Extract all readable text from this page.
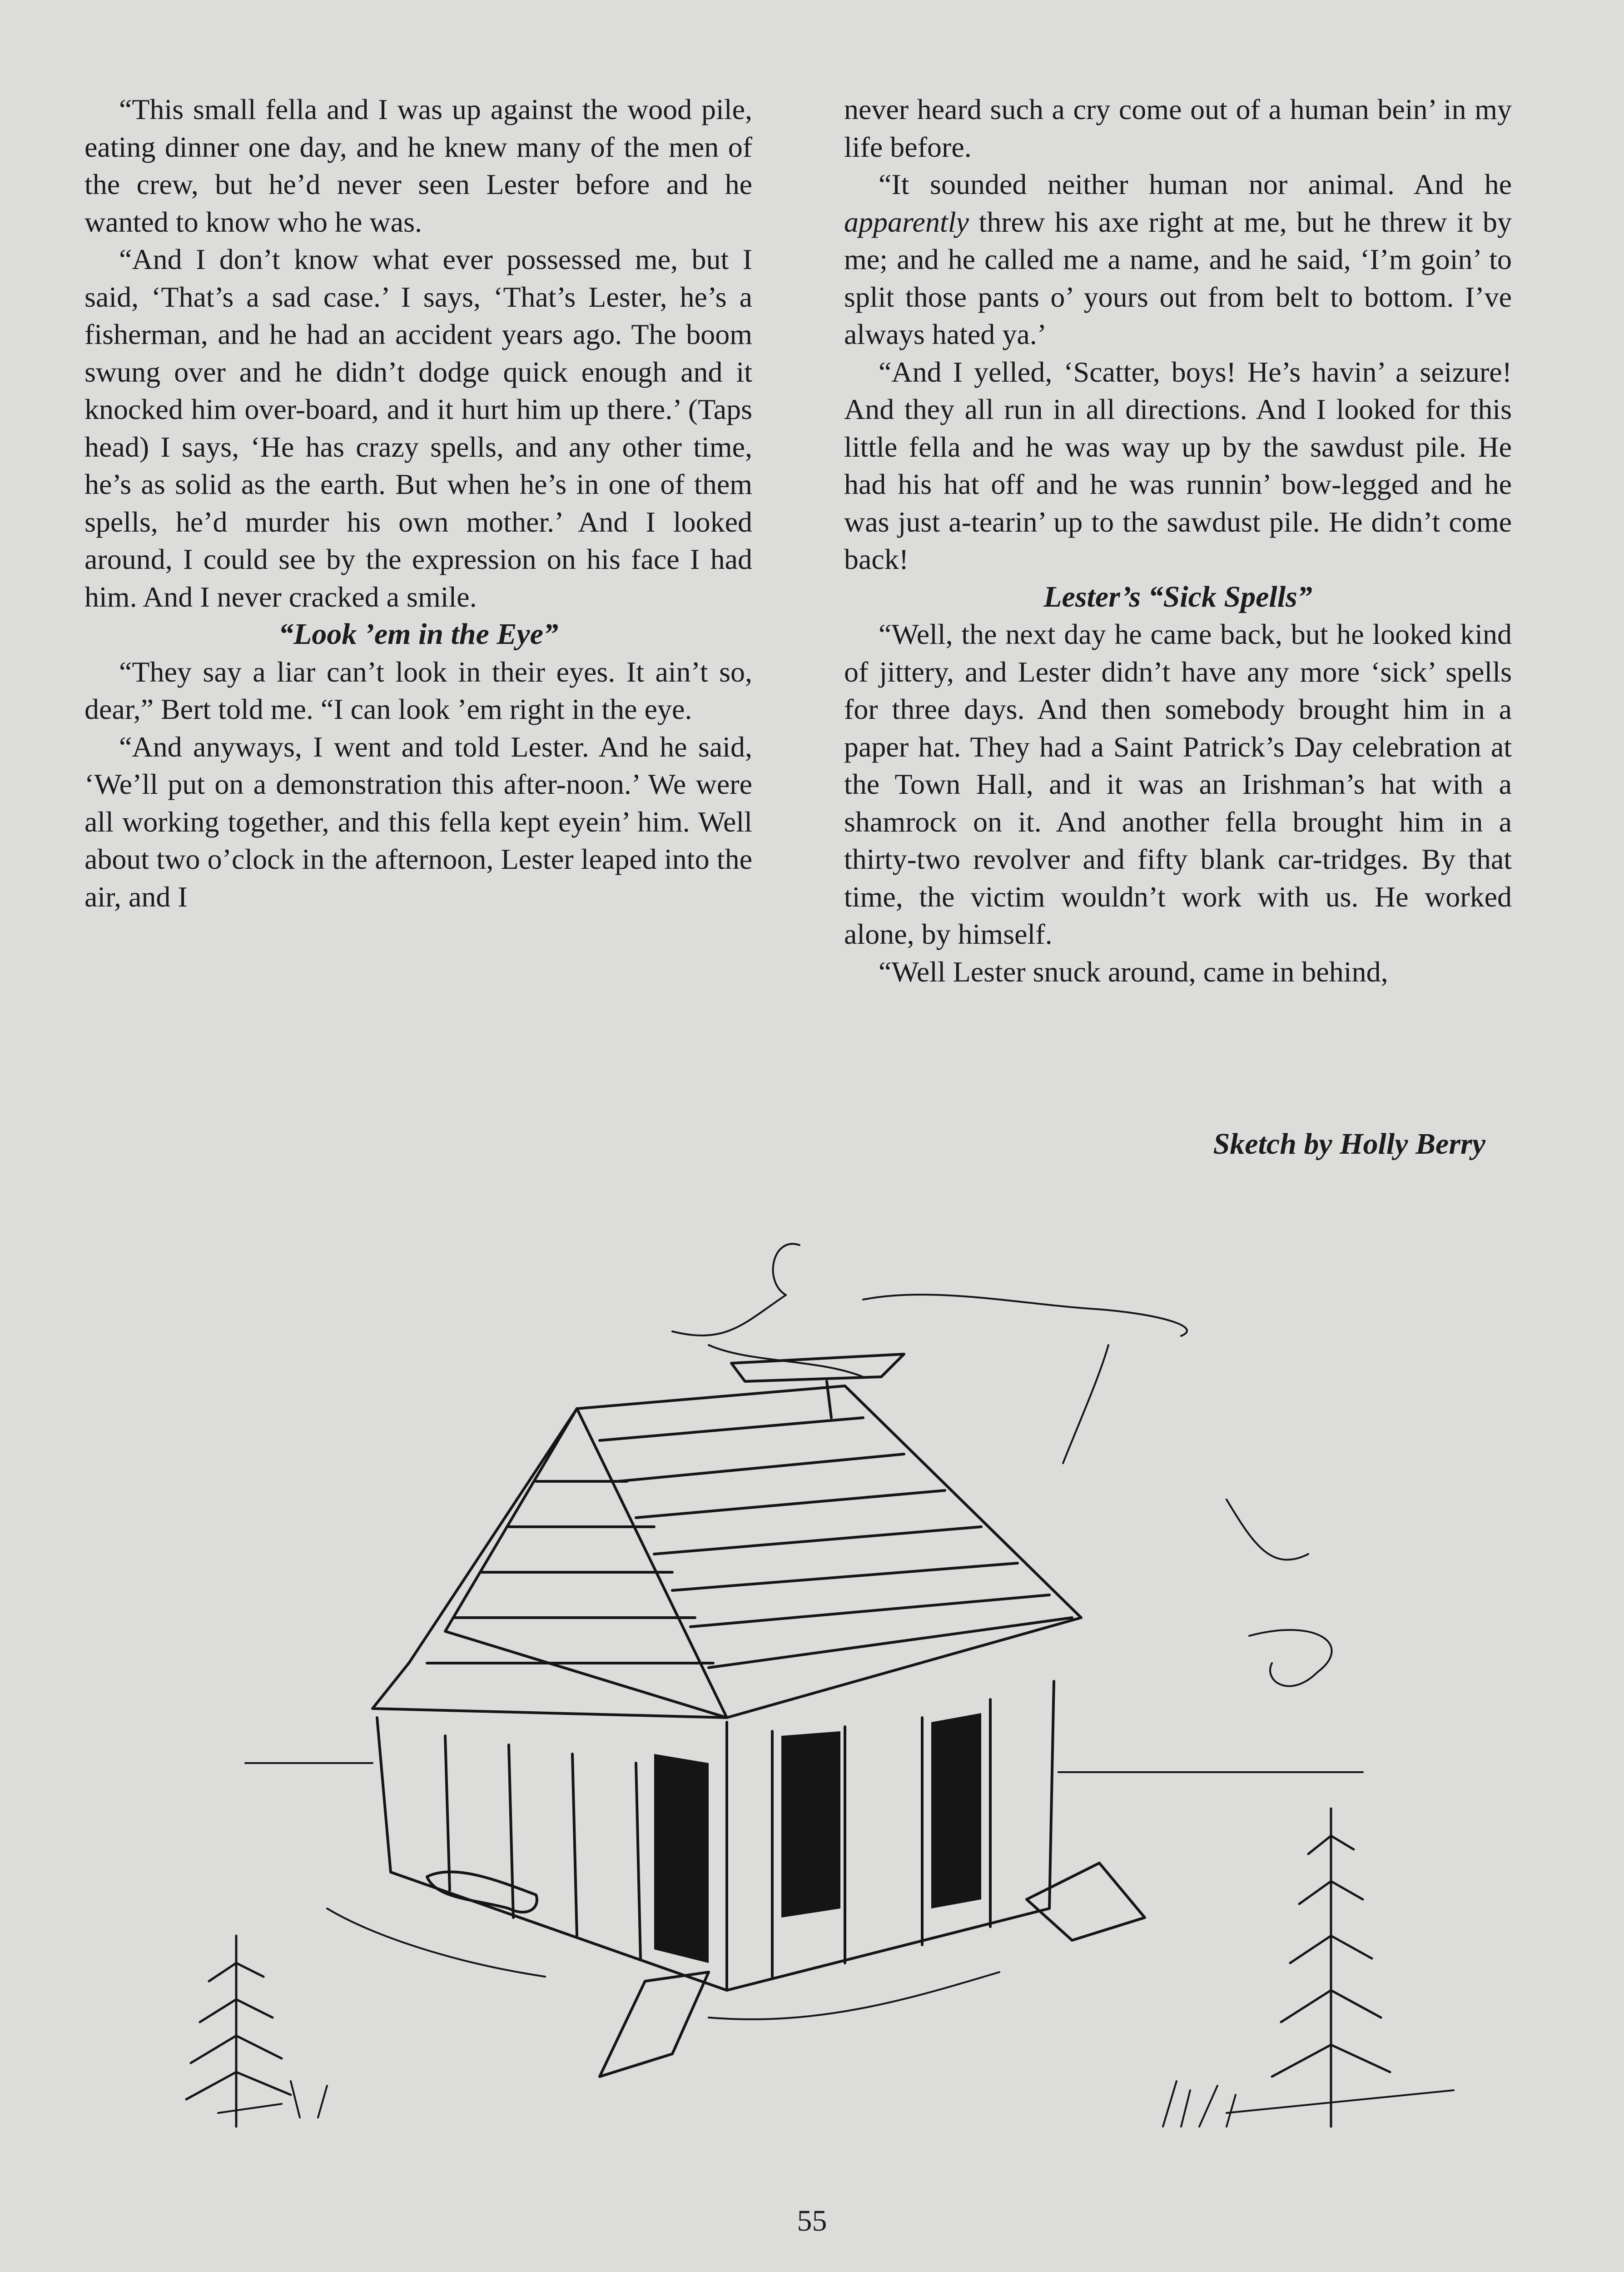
“This small fella and I was up against the wood pile, eating dinner one day, and he knew many of the men of the crew, but he’d never seen Lester before and he wanted to know who he was.

“And I don’t know what ever possessed me, but I said, ‘That’s a sad case.’ I says, ‘That’s Lester, he’s a fisherman, and he had an accident years ago. The boom swung over and he didn’t dodge quick enough and it knocked him over-board, and it hurt him up there.’ (Taps head) I says, ‘He has crazy spells, and any other time, he’s as solid as the earth. But when he’s in one of them spells, he’d murder his own mother.’ And I looked around, I could see by the expression on his face I had him. And I never cracked a smile.

“Look ’em in the Eye”

“They say a liar can’t look in their eyes. It ain’t so, dear,” Bert told me. “I can look ’em right in the eye.

“And anyways, I went and told Lester. And he said, ‘We’ll put on a demonstration this after-noon.’ We were all working together, and this fella kept eyein’ him. Well about two o’clock in the afternoon, Lester leaped into the air, and I

never heard such a cry come out of a human bein’ in my life before.

“It sounded neither human nor animal. And he apparently threw his axe right at me, but he threw it by me; and he called me a name, and he said, ‘I’m goin’ to split those pants o’ yours out from belt to bottom. I’ve always hated ya.’

“And I yelled, ‘Scatter, boys! He’s havin’ a seizure! And they all run in all directions. And I looked for this little fella and he was way up by the sawdust pile. He had his hat off and he was runnin’ bow-legged and he was just a-tearin’ up to the sawdust pile. He didn’t come back!

Lester’s “Sick Spells”

“Well, the next day he came back, but he looked kind of jittery, and Lester didn’t have any more ‘sick’ spells for three days. And then somebody brought him in a paper hat. They had a Saint Patrick’s Day celebration at the Town Hall, and it was an Irishman’s hat with a shamrock on it. And another fella brought him in a thirty-two revolver and fifty blank car-tridges. By that time, the victim wouldn’t work with us. He worked alone, by himself.

“Well Lester snuck around, came in behind,

Sketch by Holly Berry
55
